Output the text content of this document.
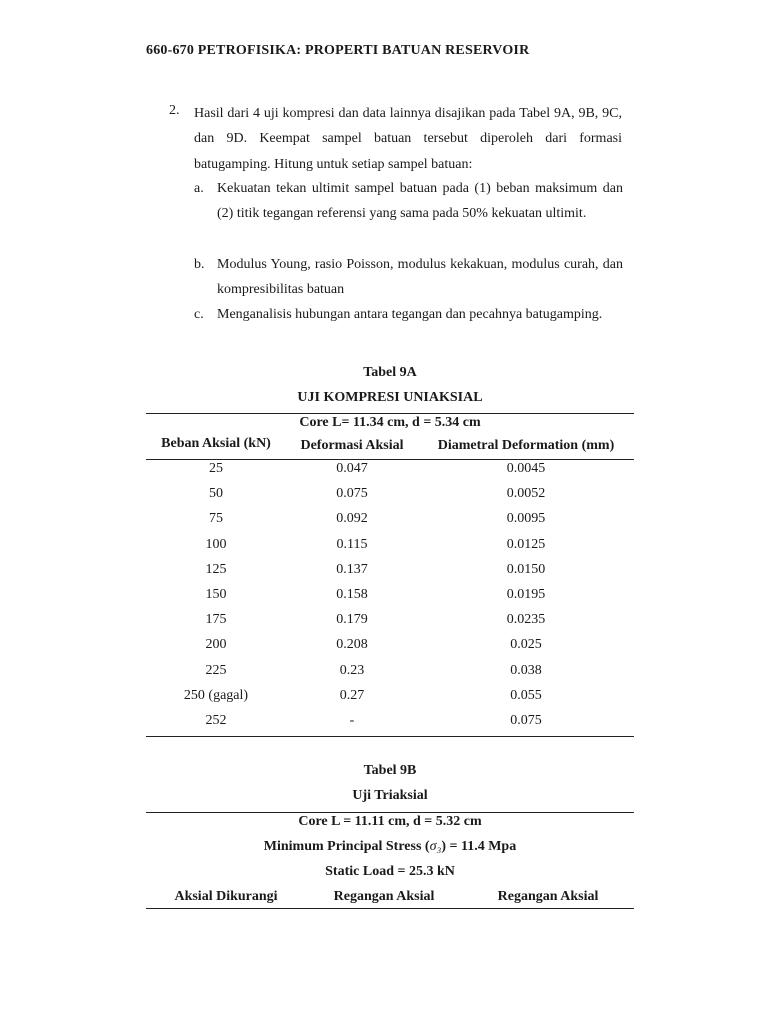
660-670 PETROFISIKA: PROPERTI BATUAN RESERVOIR
2. Hasil dari 4 uji kompresi dan data lainnya disajikan pada Tabel 9A, 9B, 9C, dan 9D. Keempat sampel batuan tersebut diperoleh dari formasi batugamping. Hitung untuk setiap sampel batuan:
a. Kekuatan tekan ultimit sampel batuan pada (1) beban maksimum dan (2) titik tegangan referensi yang sama pada 50% kekuatan ultimit.
b. Modulus Young, rasio Poisson, modulus kekakuan, modulus curah, dan kompresibilitas batuan
c. Menganalisis hubungan antara tegangan dan pecahnya batugamping.
Tabel 9A
UJI KOMPRESI UNIAKSIAL
Core L= 11.34 cm, d = 5.34 cm
Beban Aksial (kN)	Deformasi Aksial	Diametral Deformation (mm)
25	0.047	0.0045
50	0.075	0.0052
75	0.092	0.0095
100	0.115	0.0125
125	0.137	0.0150
150	0.158	0.0195
175	0.179	0.0235
200	0.208	0.025
225	0.23	0.038
250 (gagal)	0.27	0.055
252	-	0.075
Tabel 9B
Uji Triaksial
Core L = 11.11 cm, d = 5.32 cm
Minimum Principal Stress (σ₃) = 11.4 Mpa
Static Load = 25.3 kN
Aksial Dikurangi	Regangan Aksial	Regangan Aksial
